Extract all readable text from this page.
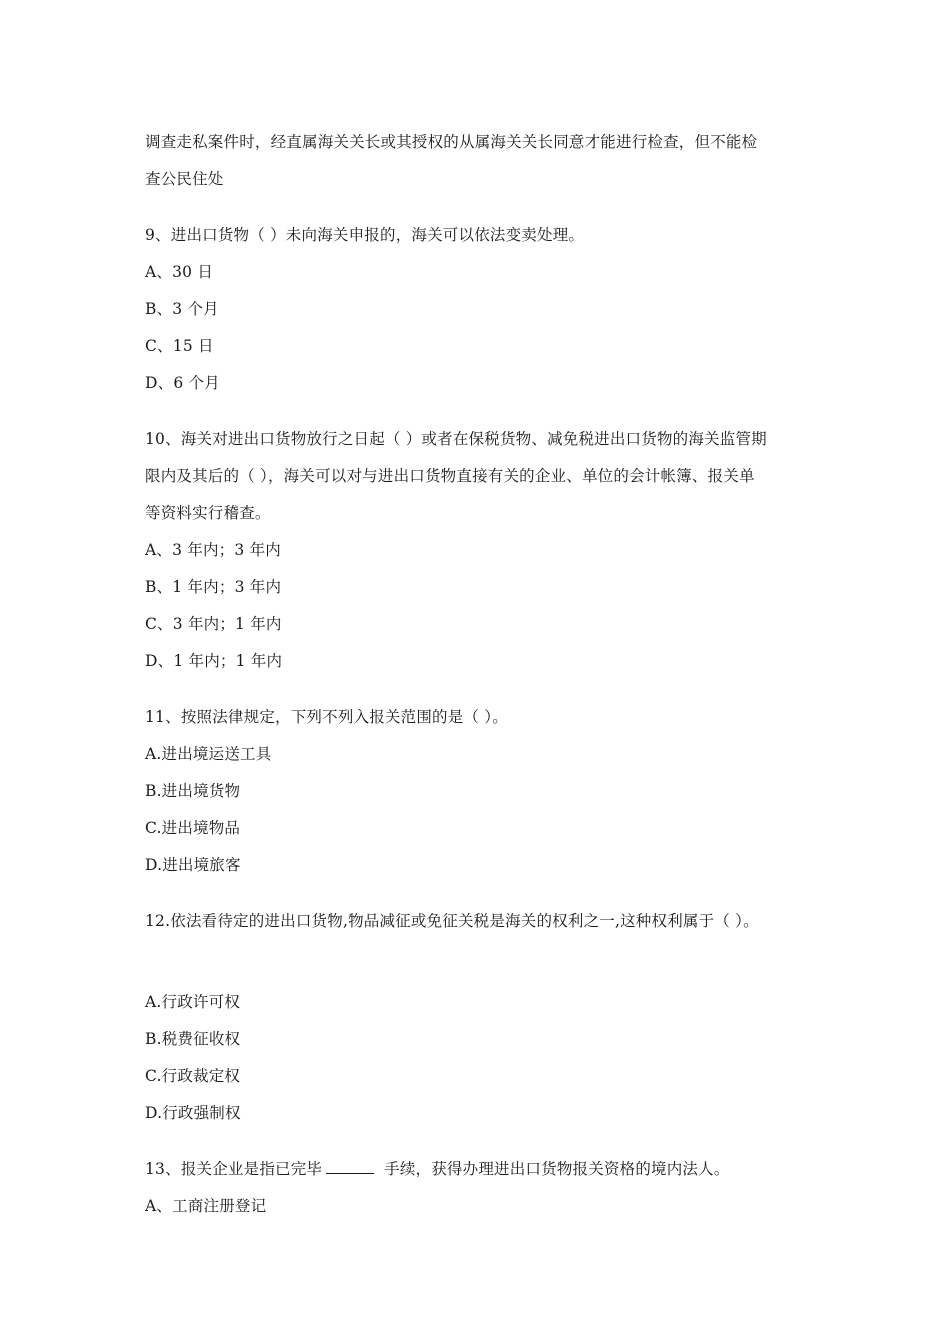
调查走私案件时，经直属海关关长或其授权的从属海关关长同意才能进行检查，但不能检
查公民住处
9、进出口货物（ ）未向海关申报的，海关可以依法变卖处理。
A、30 日
B、3 个月
C、15 日
D、6 个月
10、海关对进出口货物放行之日起（ ）或者在保税货物、减免税进出口货物的海关监管期
限内及其后的（ ），海关可以对与进出口货物直接有关的企业、单位的会计帐簿、报关单
等资料实行稽查。
A、3 年内；3 年内
B、1 年内；3 年内
C、3 年内；1 年内
D、1 年内；1 年内
11、按照法律规定，下列不列入报关范围的是（ ）。
A.进出境运送工具
B.进出境货物
C.进出境物品
D.进出境旅客
12.依法看待定的进出口货物,物品减征或免征关税是海关的权利之一,这种权利属于（ ）。
A.行政许可权
B.税费征收权
C.行政裁定权
D.行政强制权
13、报关企业是指已完毕	手续，获得办理进出口货物报关资格的境内法人。
A、工商注册登记
